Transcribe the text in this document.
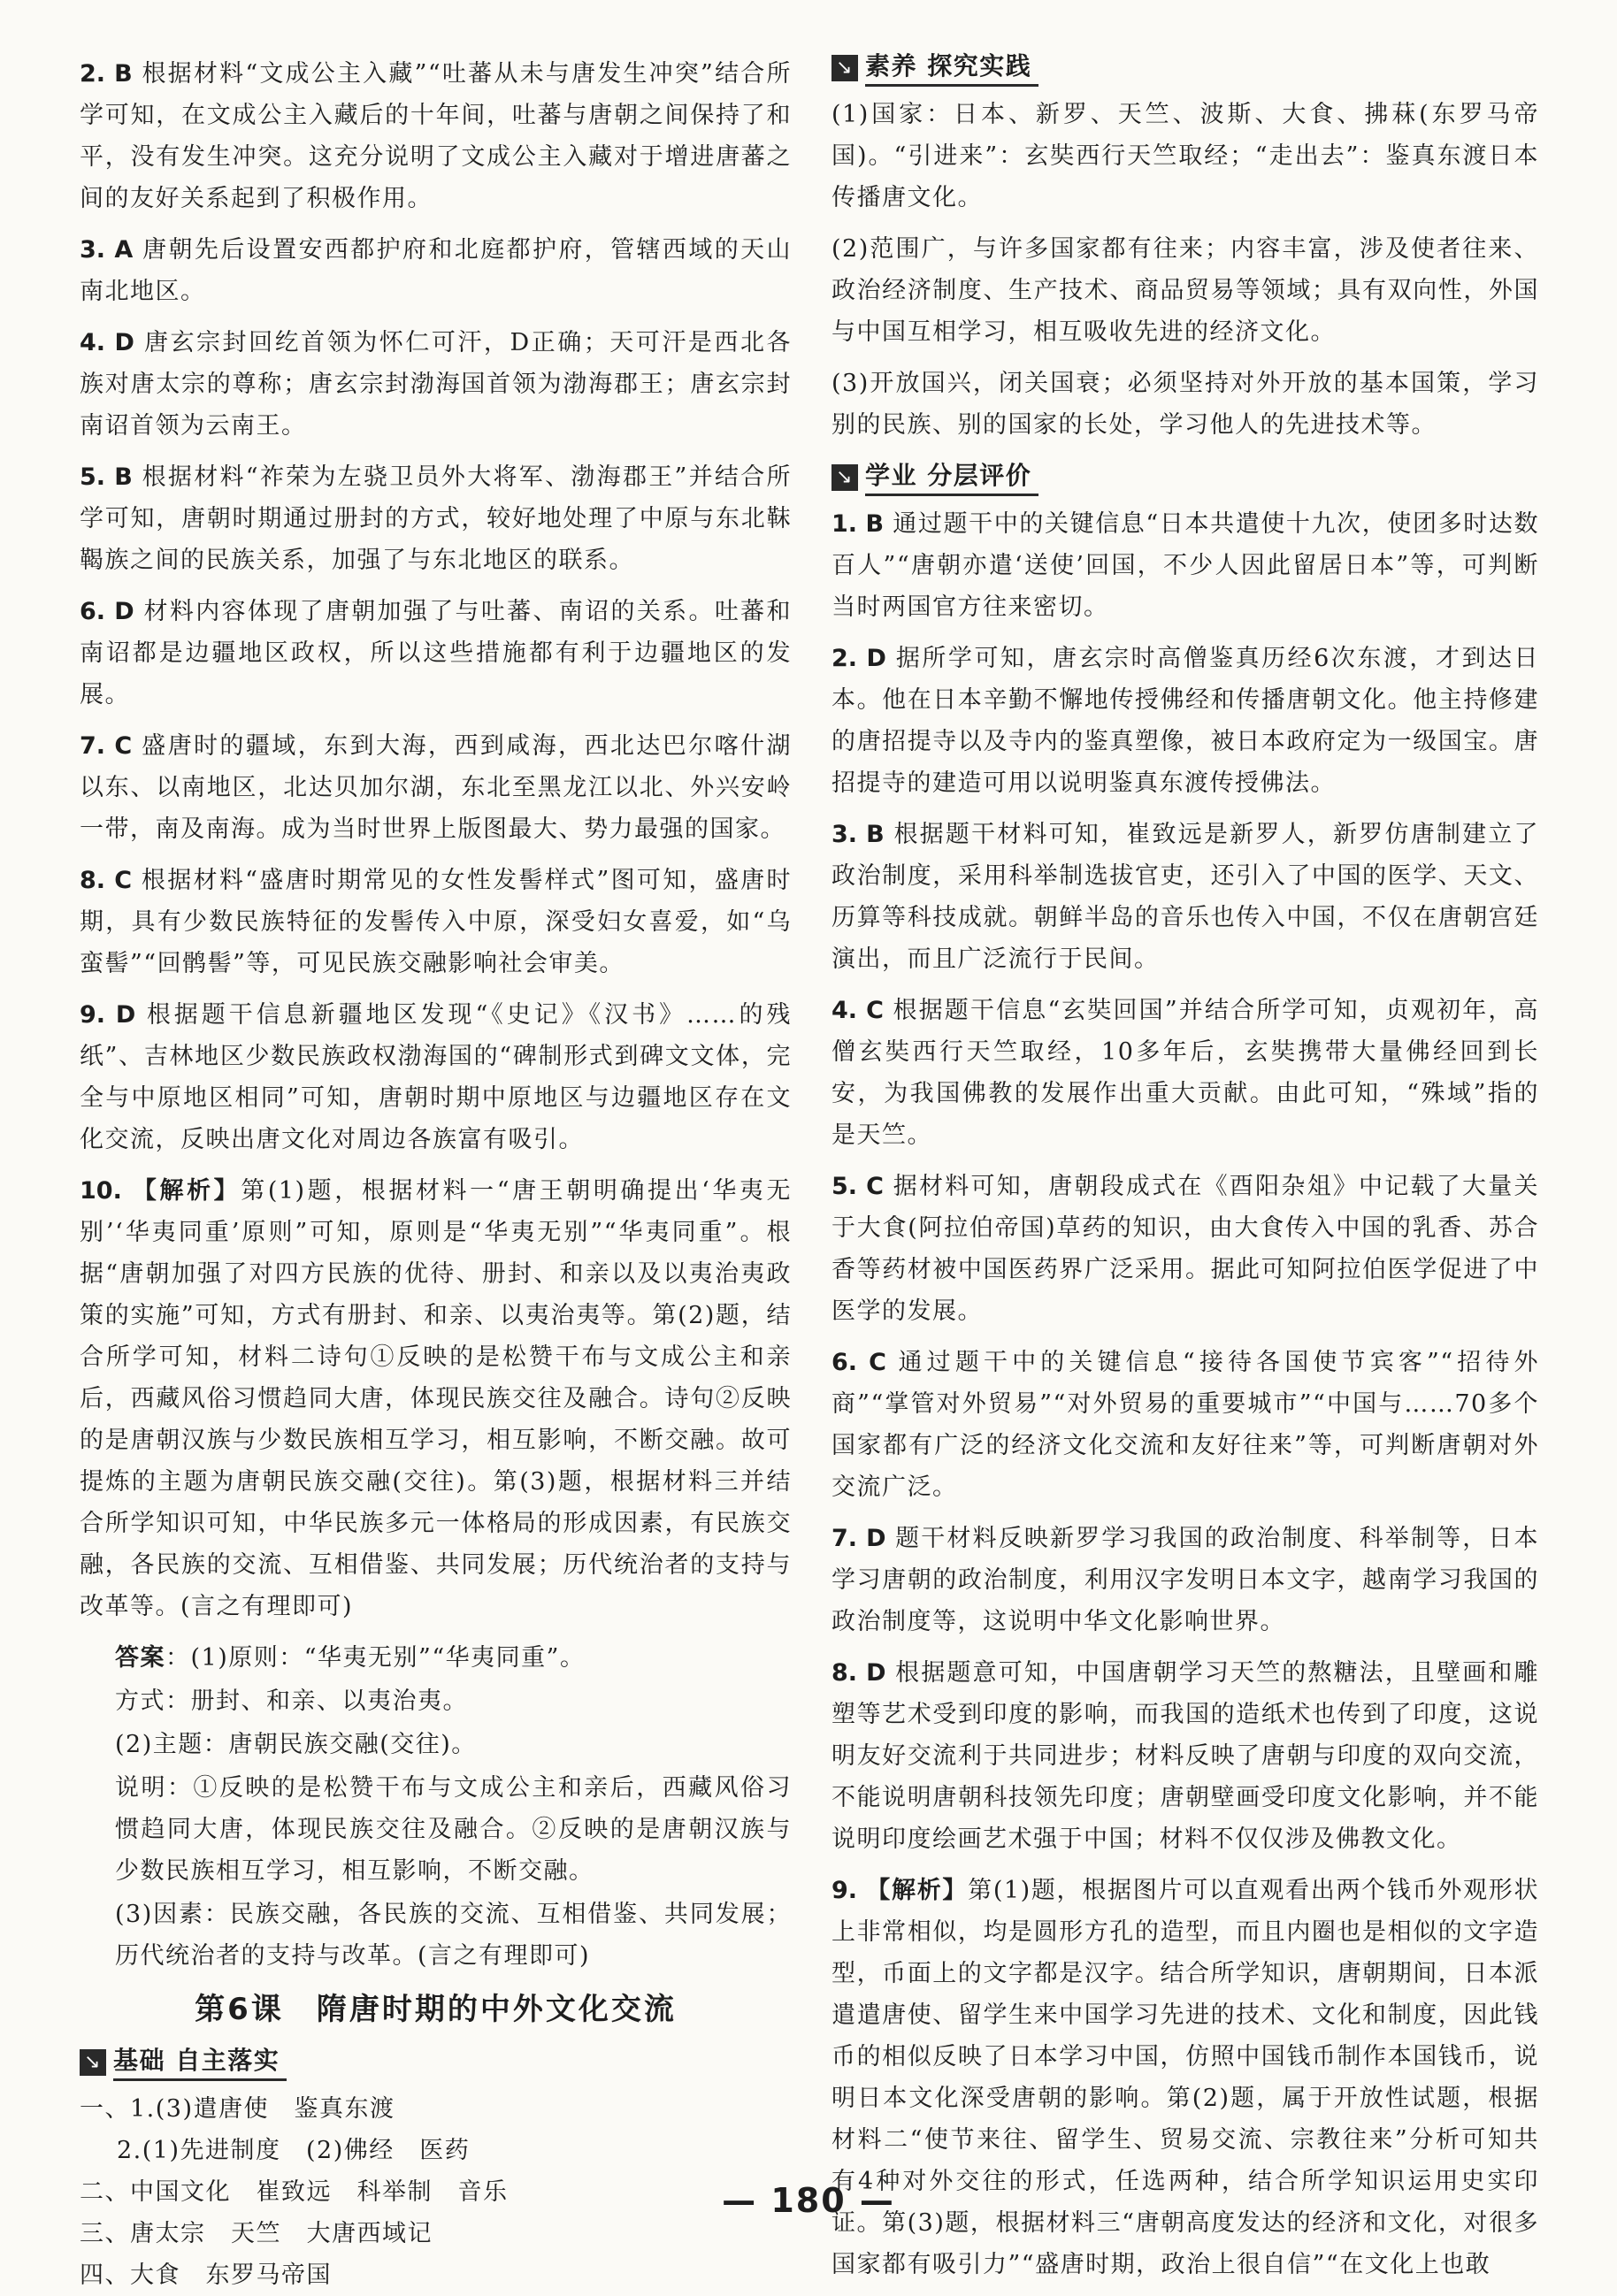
2. B 根据材料“文成公主入藏”“吐蕃从未与唐发生冲突”结合所学可知，在文成公主入藏后的十年间，吐蕃与唐朝之间保持了和平，没有发生冲突。这充分说明了文成公主入藏对于增进唐蕃之间的友好关系起到了积极作用。
3. A 唐朝先后设置安西都护府和北庭都护府，管辖西域的天山南北地区。
4. D 唐玄宗封回纥首领为怀仁可汗，D正确；天可汗是西北各族对唐太宗的尊称；唐玄宗封渤海国首领为渤海郡王；唐玄宗封南诏首领为云南王。
5. B 根据材料“祚荣为左骁卫员外大将军、渤海郡王”并结合所学可知，唐朝时期通过册封的方式，较好地处理了中原与东北靺鞨族之间的民族关系，加强了与东北地区的联系。
6. D 材料内容体现了唐朝加强了与吐蕃、南诏的关系。吐蕃和南诏都是边疆地区政权，所以这些措施都有利于边疆地区的发展。
7. C 盛唐时的疆域，东到大海，西到咸海，西北达巴尔喀什湖以东、以南地区，北达贝加尔湖，东北至黑龙江以北、外兴安岭一带，南及南海。成为当时世界上版图最大、势力最强的国家。
8. C 根据材料“盛唐时期常见的女性发髻样式”图可知，盛唐时期，具有少数民族特征的发髻传入中原，深受妇女喜爱，如“乌蛮髻”“回鹘髻”等，可见民族交融影响社会审美。
9. D 根据题干信息新疆地区发现“《史记》《汉书》……的残纸”、吉林地区少数民族政权渤海国的“碑制形式到碑文文体，完全与中原地区相同”可知，唐朝时期中原地区与边疆地区存在文化交流，反映出唐文化对周边各族富有吸引。
10. 【解析】第(1)题，根据材料一“唐王朝明确提出‘华夷无别’‘华夷同重’原则”可知，原则是“华夷无别”“华夷同重”。根据“唐朝加强了对四方民族的优待、册封、和亲以及以夷治夷政策的实施”可知，方式有册封、和亲、以夷治夷等。第(2)题，结合所学可知，材料二诗句①反映的是松赞干布与文成公主和亲后，西藏风俗习惯趋同大唐，体现民族交往及融合。诗句②反映的是唐朝汉族与少数民族相互学习，相互影响，不断交融。故可提炼的主题为唐朝民族交融(交往)。第(3)题，根据材料三并结合所学知识可知，中华民族多元一体格局的形成因素，有民族交融，各民族的交流、互相借鉴、共同发展；历代统治者的支持与改革等。(言之有理即可)
答案：(1)原则：“华夷无别”“华夷同重”。
方式：册封、和亲、以夷治夷。
(2)主题：唐朝民族交融(交往)。
说明：①反映的是松赞干布与文成公主和亲后，西藏风俗习惯趋同大唐，体现民族交往及融合。②反映的是唐朝汉族与少数民族相互学习，相互影响，不断交融。
(3)因素：民族交融，各民族的交流、互相借鉴、共同发展；历代统治者的支持与改革。(言之有理即可)
第6课　隋唐时期的中外文化交流
↘ 基础 自主落实
一、1.(3)遣唐使　鉴真东渡
2.(1)先进制度　(2)佛经　医药
二、中国文化　崔致远　科举制　音乐
三、唐太宗　天竺　大唐西域记
四、大食　东罗马帝国
↘ 素养 探究实践
(1)国家：日本、新罗、天竺、波斯、大食、拂菻(东罗马帝国)。“引进来”：玄奘西行天竺取经；“走出去”：鉴真东渡日本传播唐文化。
(2)范围广，与许多国家都有往来；内容丰富，涉及使者往来、政治经济制度、生产技术、商品贸易等领域；具有双向性，外国与中国互相学习，相互吸收先进的经济文化。
(3)开放国兴，闭关国衰；必须坚持对外开放的基本国策，学习别的民族、别的国家的长处，学习他人的先进技术等。
↘ 学业 分层评价
1. B 通过题干中的关键信息“日本共遣使十九次，使团多时达数百人”“唐朝亦遣‘送使’回国，不少人因此留居日本”等，可判断当时两国官方往来密切。
2. D 据所学可知，唐玄宗时高僧鉴真历经6次东渡，才到达日本。他在日本辛勤不懈地传授佛经和传播唐朝文化。他主持修建的唐招提寺以及寺内的鉴真塑像，被日本政府定为一级国宝。唐招提寺的建造可用以说明鉴真东渡传授佛法。
3. B 根据题干材料可知，崔致远是新罗人，新罗仿唐制建立了政治制度，采用科举制选拔官吏，还引入了中国的医学、天文、历算等科技成就。朝鲜半岛的音乐也传入中国，不仅在唐朝宫廷演出，而且广泛流行于民间。
4. C 根据题干信息“玄奘回国”并结合所学可知，贞观初年，高僧玄奘西行天竺取经，10多年后，玄奘携带大量佛经回到长安，为我国佛教的发展作出重大贡献。由此可知，“殊域”指的是天竺。
5. C 据材料可知，唐朝段成式在《酉阳杂俎》中记载了大量关于大食(阿拉伯帝国)草药的知识，由大食传入中国的乳香、苏合香等药材被中国医药界广泛采用。据此可知阿拉伯医学促进了中医学的发展。
6. C 通过题干中的关键信息“接待各国使节宾客”“招待外商”“掌管对外贸易”“对外贸易的重要城市”“中国与……70多个国家都有广泛的经济文化交流和友好往来”等，可判断唐朝对外交流广泛。
7. D 题干材料反映新罗学习我国的政治制度、科举制等，日本学习唐朝的政治制度，利用汉字发明日本文字，越南学习我国的政治制度等，这说明中华文化影响世界。
8. D 根据题意可知，中国唐朝学习天竺的熬糖法，且壁画和雕塑等艺术受到印度的影响，而我国的造纸术也传到了印度，这说明友好交流利于共同进步；材料反映了唐朝与印度的双向交流，不能说明唐朝科技领先印度；唐朝壁画受印度文化影响，并不能说明印度绘画艺术强于中国；材料不仅仅涉及佛教文化。
9. 【解析】第(1)题，根据图片可以直观看出两个钱币外观形状上非常相似，均是圆形方孔的造型，而且内圈也是相似的文字造型，币面上的文字都是汉字。结合所学知识，唐朝期间，日本派遣遣唐使、留学生来中国学习先进的技术、文化和制度，因此钱币的相似反映了日本学习中国，仿照中国钱币制作本国钱币，说明日本文化深受唐朝的影响。第(2)题，属于开放性试题，根据材料二“使节来往、留学生、贸易交流、宗教往来”分析可知共有4种对外交往的形式，任选两种，结合所学知识运用史实印证。第(3)题，根据材料三“唐朝高度发达的经济和文化，对很多国家都有吸引力”“盛唐时期，政治上很自信”“在文化上也敢
— 180 —
